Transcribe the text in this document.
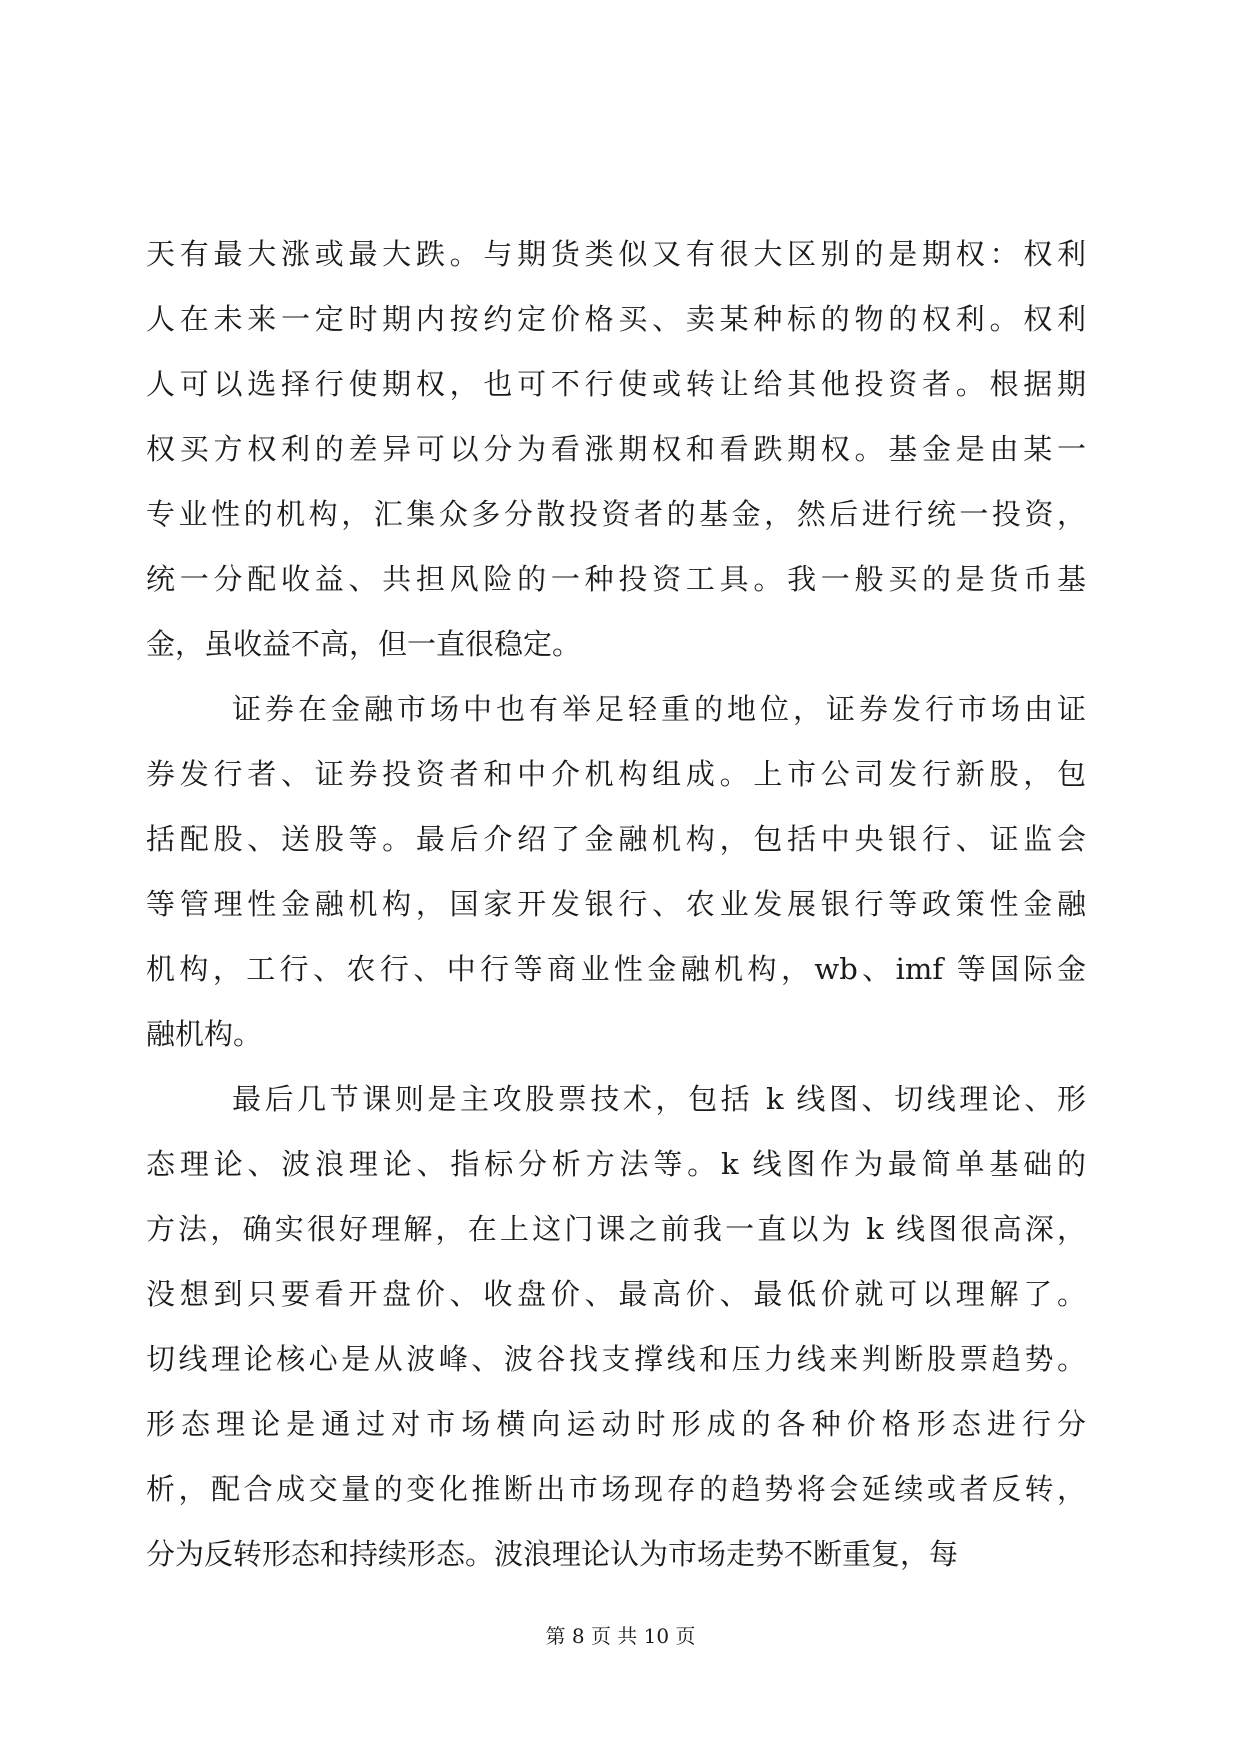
天有最大涨或最大跌。与期货类似又有很大区别的是期权：权利
人在未来一定时期内按约定价格买、卖某种标的物的权利。权利
人可以选择行使期权，也可不行使或转让给其他投资者。根据期
权买方权利的差异可以分为看涨期权和看跌期权。基金是由某一
专业性的机构，汇集众多分散投资者的基金，然后进行统一投资，
统一分配收益、共担风险的一种投资工具。我一般买的是货币基
金，虽收益不高，但一直很稳定。
证券在金融市场中也有举足轻重的地位，证券发行市场由证
券发行者、证券投资者和中介机构组成。上市公司发行新股，包
括配股、送股等。最后介绍了金融机构，包括中央银行、证监会
等管理性金融机构，国家开发银行、农业发展银行等政策性金融
机构，工行、农行、中行等商业性金融机构，wb、imf 等国际金
融机构。
最后几节课则是主攻股票技术，包括 k 线图、切线理论、形
态理论、波浪理论、指标分析方法等。k 线图作为最简单基础的
方法，确实很好理解，在上这门课之前我一直以为 k 线图很高深，
没想到只要看开盘价、收盘价、最高价、最低价就可以理解了。
切线理论核心是从波峰、波谷找支撑线和压力线来判断股票趋势。
形态理论是通过对市场横向运动时形成的各种价格形态进行分
析，配合成交量的变化推断出市场现存的趋势将会延续或者反转，
分为反转形态和持续形态。波浪理论认为市场走势不断重复，每
第 8 页 共 10 页
